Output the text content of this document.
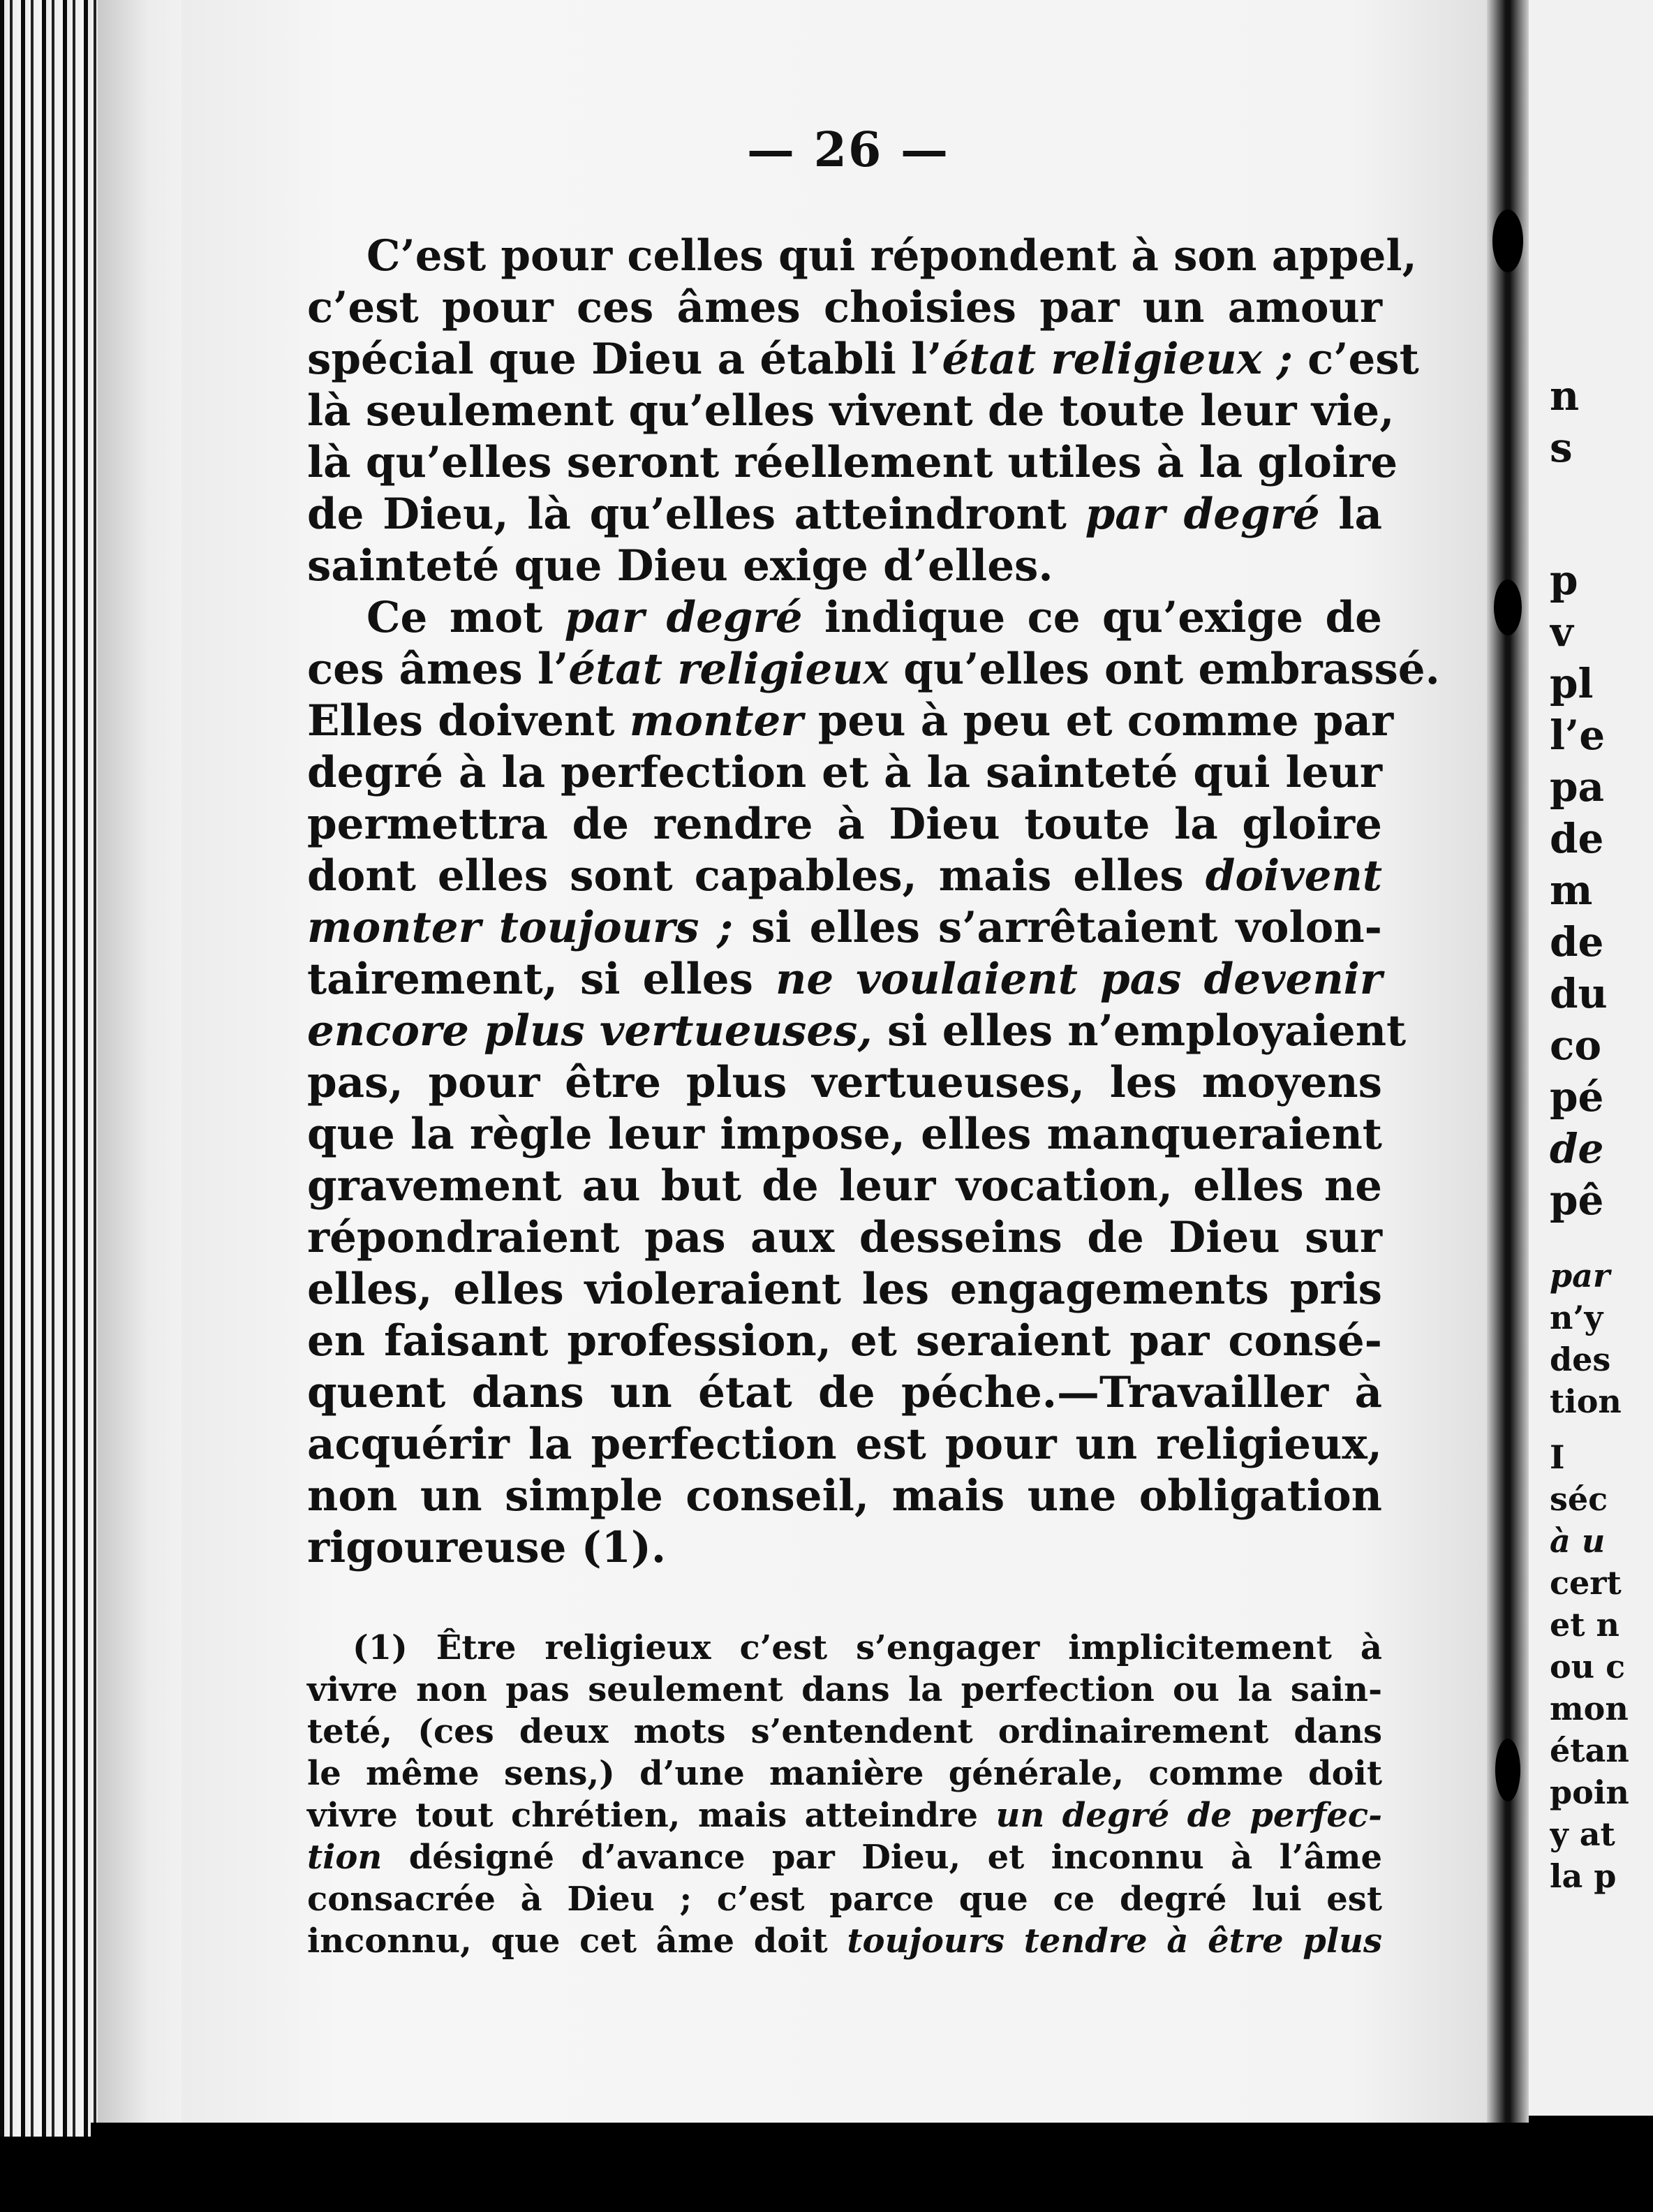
— 26 —
C’est pour celles qui répondent à son appel,
c’est pour ces âmes choisies par un amour
spécial que Dieu a établi l’état religieux ; c’est
là seulement qu’elles vivent de toute leur vie,
là qu’elles seront réellement utiles à la gloire
de Dieu, là qu’elles atteindront par degré la
sainteté que Dieu exige d’elles.
Ce mot par degré indique ce qu’exige de
ces âmes l’état religieux qu’elles ont embrassé.
Elles doivent monter peu à peu et comme par
degré à la perfection et à la sainteté qui leur
permettra de rendre à Dieu toute la gloire
dont elles sont capables, mais elles doivent
monter toujours ; si elles s’arrêtaient volon-
tairement, si elles ne voulaient pas devenir
encore plus vertueuses, si elles n’employaient
pas, pour être plus vertueuses, les moyens
que la règle leur impose, elles manqueraient
gravement au but de leur vocation, elles ne
répondraient pas aux desseins de Dieu sur
elles, elles violeraient les engagements pris
en faisant profession, et seraient par consé-
quent dans un état de péche.—Travailler à
acquérir la perfection est pour un religieux,
non un simple conseil, mais une obligation
rigoureuse (1).
(1) Être religieux c’est s’engager implicitement à
vivre non pas seulement dans la perfection ou la sain-
teté, (ces deux mots s’entendent ordinairement dans
le même sens,) d’une manière générale, comme doit
vivre tout chrétien, mais atteindre un degré de perfec-
tion désigné d’avance par Dieu, et inconnu à l’âme
consacrée à Dieu ; c’est parce que ce degré lui est
inconnu, que cet âme doit toujours tendre à être plus
n
s
p
v
pl
l’e
pa
de
m
de
du
co
pé
de
pê
par
n’y
des
tion
I
séc
à u
cert
et n
ou c
mon
étan
poin
y at
la p
